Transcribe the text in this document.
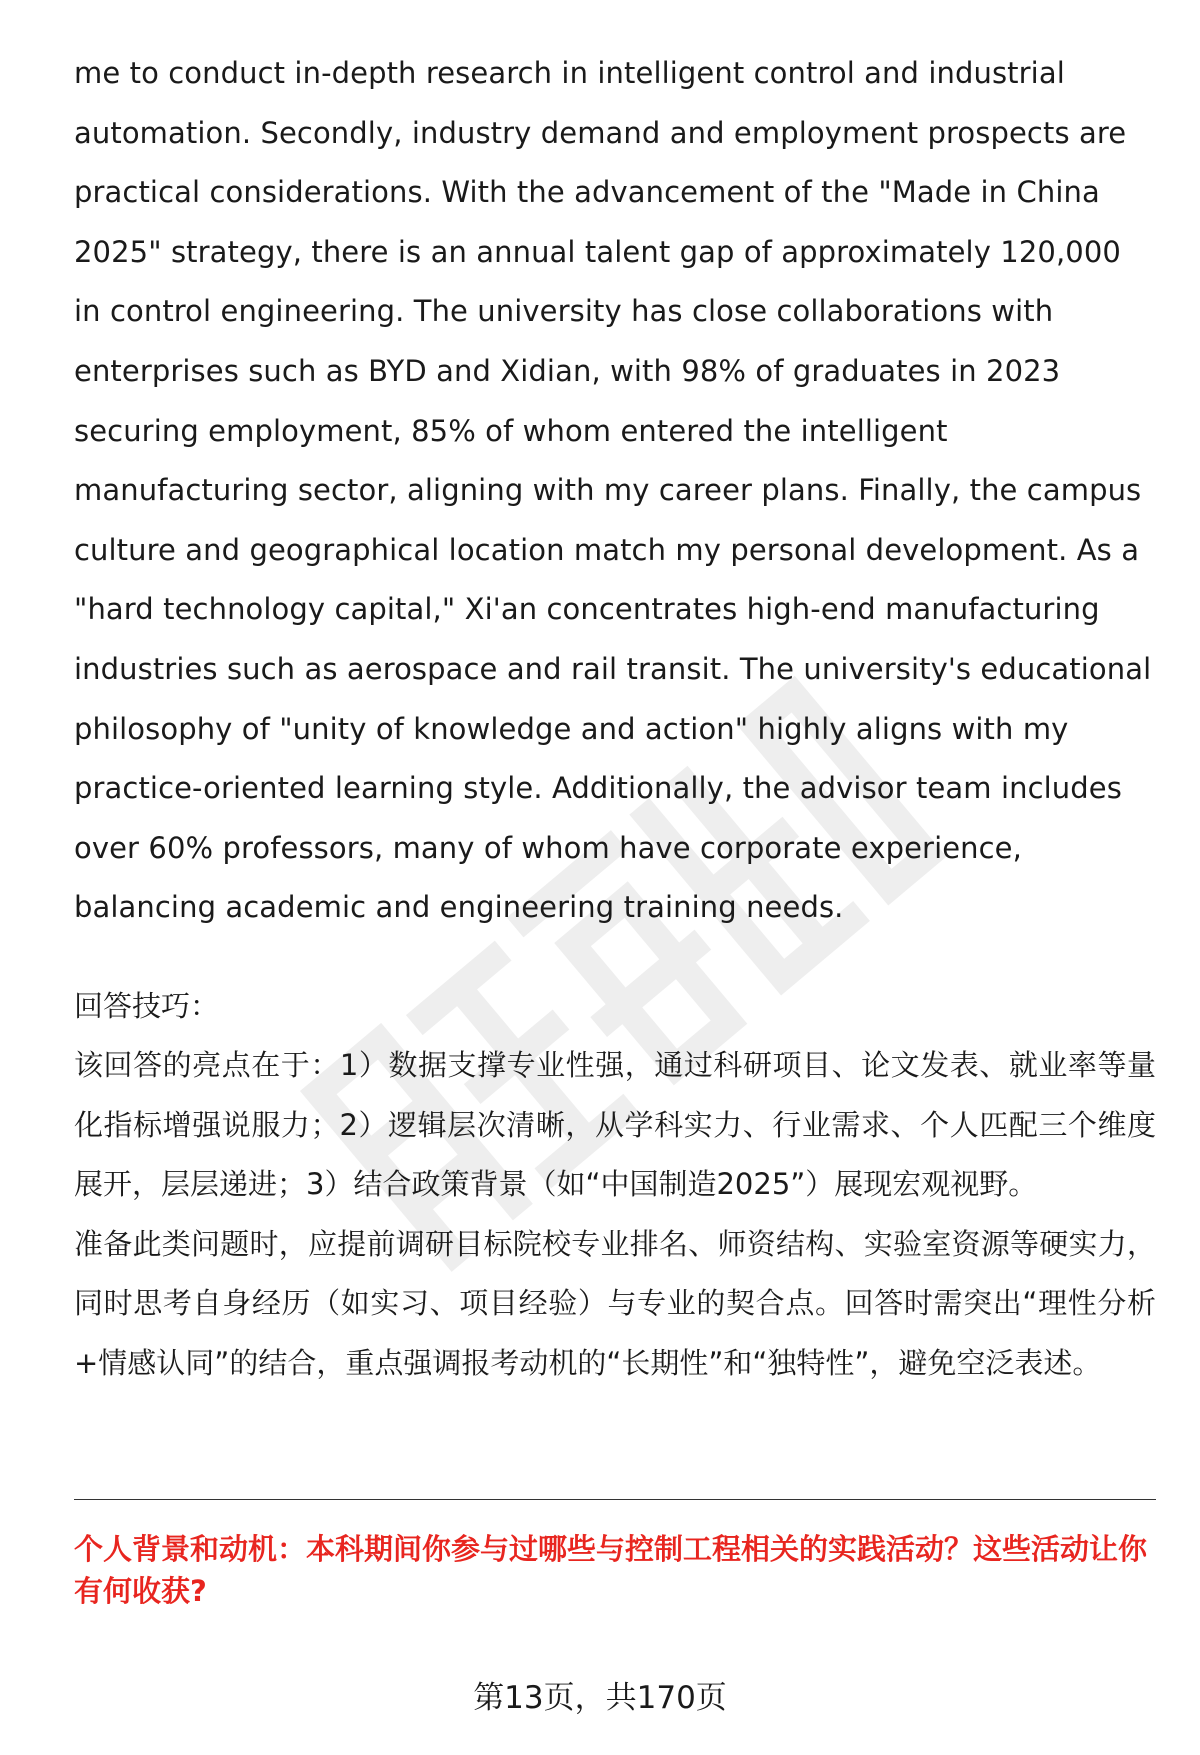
me to conduct in-depth research in intelligent control and industrial automation. Secondly, industry demand and employment prospects are practical considerations. With the advancement of the "Made in China 2025" strategy, there is an annual talent gap of approximately 120,000 in control engineering. The university has close collaborations with enterprises such as BYD and Xidian, with 98% of graduates in 2023 securing employment, 85% of whom entered the intelligent manufacturing sector, aligning with my career plans. Finally, the campus culture and geographical location match my personal development. As a "hard technology capital," Xi'an concentrates high-end manufacturing industries such as aerospace and rail transit. The university's educational philosophy of "unity of knowledge and action" highly aligns with my practice-oriented learning style. Additionally, the advisor team includes over 60% professors, many of whom have corporate experience, balancing academic and engineering training needs.

回答技巧：

该回答的亮点在于：1）数据支撑专业性强，通过科研项目、论文发表、就业率等量化指标增强说服力；2）逻辑层次清晰，从学科实力、行业需求、个人匹配三个维度展开，层层递进；3）结合政策背景（如“中国制造2025”）展现宏观视野。

准备此类问题时，应提前调研目标院校专业排名、师资结构、实验室资源等硬实力，同时思考自身经历（如实习、项目经验）与专业的契合点。回答时需突出“理性分析+情感认同”的结合，重点强调报考动机的“长期性”和“独特性”，避免空泛表述。

个人背景和动机：本科期间你参与过哪些与控制工程相关的实践活动？这些活动让你有何收获?

第13页，共170页
